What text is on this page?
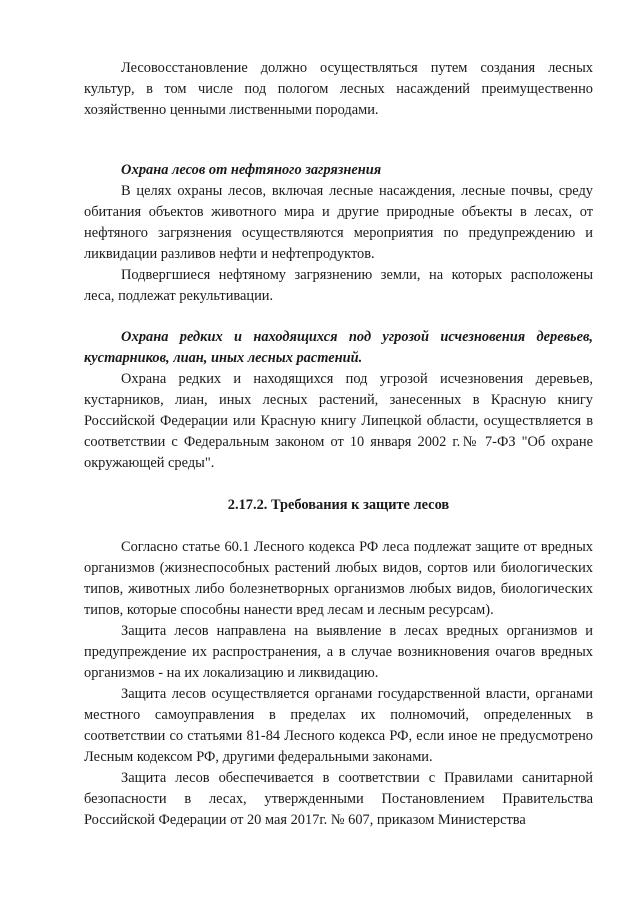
Лесовосстановление должно осуществляться путем создания лесных культур, в том числе под пологом лесных насаждений преимущественно хозяйственно ценными лиственными породами.

Охрана лесов от нефтяного загрязнения

В целях охраны лесов, включая лесные насаждения, лесные почвы, среду обитания объектов животного мира и другие природные объекты в лесах, от нефтяного загрязнения осуществляются мероприятия по предупреждению и ликвидации разливов нефти и нефтепродуктов.

Подвергшиеся нефтяному загрязнению земли, на которых расположены леса, подлежат рекультивации.

Охрана редких и находящихся под угрозой исчезновения деревьев, кустарников, лиан, иных лесных растений.

Охрана редких и находящихся под угрозой исчезновения деревьев, кустарников, лиан, иных лесных растений, занесенных в Красную книгу Российской Федерации или Красную книгу Липецкой области, осуществляется в соответствии с Федеральным законом от 10 января 2002 г.№ 7-ФЗ "Об охране окружающей среды".

2.17.2. Требования к защите лесов

Согласно статье 60.1 Лесного кодекса РФ леса подлежат защите от вредных организмов (жизнеспособных растений любых видов, сортов или биологических типов, животных либо болезнетворных организмов любых видов, биологических типов, которые способны нанести вред лесам и лесным ресурсам).

Защита лесов направлена на выявление в лесах вредных организмов и предупреждение их распространения, а в случае возникновения очагов вредных организмов - на их локализацию и ликвидацию.

Защита лесов осуществляется органами государственной власти, органами местного самоуправления в пределах их полномочий, определенных в соответствии со статьями 81-84 Лесного кодекса РФ, если иное не предусмотрено Лесным кодексом РФ, другими федеральными законами.

Защита лесов обеспечивается в соответствии с Правилами санитарной безопасности в лесах, утвержденными Постановлением Правительства Российской Федерации от 20 мая 2017г. № 607, приказом Министерства
